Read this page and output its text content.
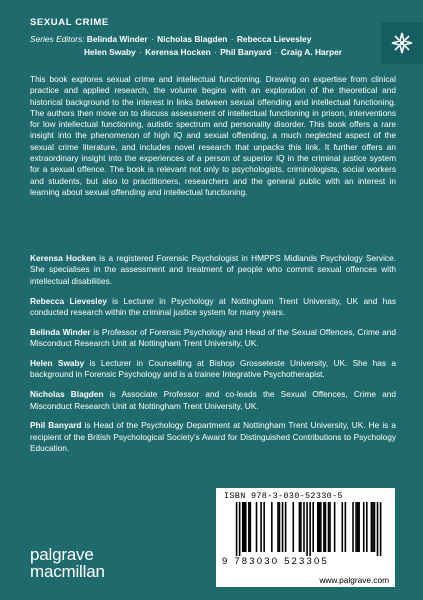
SEXUAL CRIME
Series Editors: Belinda Winder · Nicholas Blagden · Rebecca Lievesley
Helen Swaby · Kerensa Hocken · Phil Banyard · Craig A. Harper
This book explores sexual crime and intellectual functioning. Drawing on expertise from clinical practice and applied research, the volume begins with an exploration of the theoretical and historical background to the interest in links between sexual offending and intellectual functioning. The authors then move on to discuss assessment of intellectual functioning in prison, interventions for low intellectual functioning, autistic spectrum and personality disorder. This book offers a rare insight into the phenomenon of high IQ and sexual offending, a much neglected aspect of the sexual crime literature, and includes novel research that unpacks this link. It further offers an extraordinary insight into the experiences of a person of superior IQ in the criminal justice system for a sexual offence. The book is relevant not only to psychologists, criminologists, social workers and students, but also to practitioners, researchers and the general public with an interest in learning about sexual offending and intellectual functioning.

Kerensa Hocken is a registered Forensic Psychologist in HMPPS Midlands Psychology Service. She specialises in the assessment and treatment of people who commit sexual offences with intellectual disabilities.

Rebecca Lievesley is Lecturer in Psychology at Nottingham Trent University, UK and has conducted research within the criminal justice system for many years.

Belinda Winder is Professor of Forensic Psychology and Head of the Sexual Offences, Crime and Misconduct Research Unit at Nottingham Trent University, UK.

Helen Swaby is Lecturer in Counselling at Bishop Grosseteste University, UK. She has a background in Forensic Psychology and is a trainee Integrative Psychotherapist.

Nicholas Blagden is Associate Professor and co-leads the Sexual Offences, Crime and Misconduct Research Unit at Nottingham Trent University, UK.

Phil Banyard is Head of the Psychology Department at Nottingham Trent University, UK. He is a recipient of the British Psychological Society’s Award for Distinguished Contributions to Psychology Education.

palgrave
macmillan
ISBN 978-3-030-52330-5
9 783030 523305
www.palgrave.com
